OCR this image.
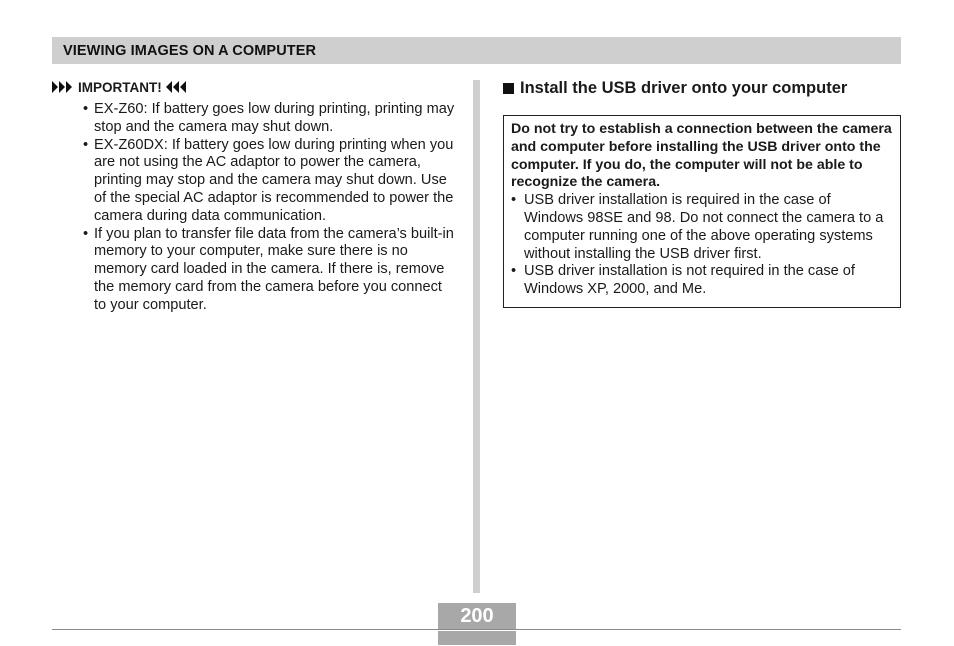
VIEWING IMAGES ON A COMPUTER
IMPORTANT!
• EX-Z60: If battery goes low during printing, printing may stop and the camera may shut down.
• EX-Z60DX: If battery goes low during printing when you are not using the AC adaptor to power the camera, printing may stop and the camera may shut down. Use of the special AC adaptor is recommended to power the camera during data communication.
• If you plan to transfer file data from the camera’s built-in memory to your computer, make sure there is no memory card loaded in the camera. If there is, remove the memory card from the camera before you connect to your computer.
Install the USB driver onto your computer
Do not try to establish a connection between the camera and computer before installing the USB driver onto the computer. If you do, the computer will not be able to recognize the camera.
• USB driver installation is required in the case of Windows 98SE and 98. Do not connect the camera to a computer running one of the above operating systems without installing the USB driver first.
• USB driver installation is not required in the case of Windows XP, 2000, and Me.
200
